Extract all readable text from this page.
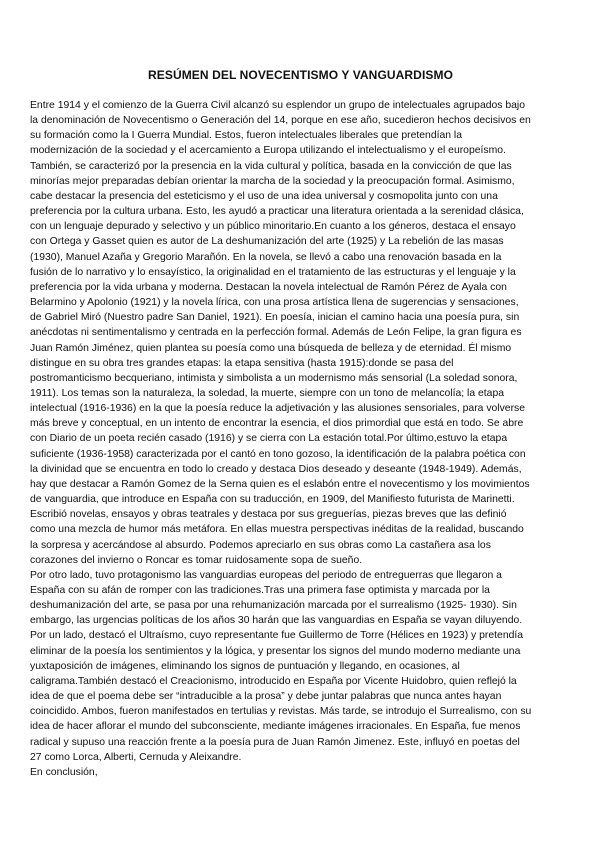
RESÚMEN DEL NOVECENTISMO Y VANGUARDISMO

Entre 1914 y el comienzo de la Guerra Civil alcanzó su esplendor un grupo de intelectuales agrupados bajo

la denominación de Novecentismo o Generación del 14, porque en ese año, sucedieron hechos decisivos en

su formación como la I Guerra Mundial. Estos, fueron intelectuales liberales que pretendían la

modernización de la sociedad y el acercamiento a Europa utilizando el intelectualismo y el europeísmo.

También, se caracterizó por la presencia en la vida cultural y política, basada en la convicción de que las

minorías mejor preparadas debían orientar la marcha de la sociedad y la preocupación formal. Asimismo,

cabe destacar la presencia del esteticismo y el uso de una idea universal y cosmopolita junto con una

preferencia por la cultura urbana. Esto, les ayudó a practicar una literatura orientada a la serenidad clásica,

con un lenguaje depurado y selectivo y un público minoritario.En cuanto a los géneros, destaca el ensayo

con Ortega y Gasset quien es autor de La deshumanización del arte (1925) y La rebelión de las masas

(1930), Manuel Azaña y Gregorio Marañón. En la novela, se llevó a cabo una renovación basada en la

fusión de lo narrativo y lo ensayístico, la originalidad en el tratamiento de las estructuras y el lenguaje y la

preferencia por la vida urbana y moderna. Destacan la novela intelectual de Ramón Pérez de Ayala con

Belarmino y Apolonio (1921) y la novela lírica, con una prosa artística llena de sugerencias y sensaciones,

de Gabriel Miró (Nuestro padre San Daniel, 1921). En poesía, inician el camino hacia una poesía pura, sin

anécdotas ni sentimentalismo y centrada en la perfección formal. Además de León Felipe, la gran figura es

Juan Ramón Jiménez, quien plantea su poesía como una búsqueda de belleza y de eternidad. Él mismo

distingue en su obra tres grandes etapas: la etapa sensitiva (hasta 1915):donde se pasa del

postromanticismo becqueriano, intimista y simbolista a un modernismo más sensorial (La soledad sonora,

1911). Los temas son la naturaleza, la soledad, la muerte, siempre con un tono de melancolía; la etapa

intelectual (1916-1936) en la que la poesía reduce la adjetivación y las alusiones sensoriales, para volverse

más breve y conceptual, en un intento de encontrar la esencia, el dios primordial que está en todo. Se abre

con Diario de un poeta recién casado (1916) y se cierra con La estación total.Por último,estuvo la etapa

suficiente (1936-1958) caracterizada por el cantó en tono gozoso, la identificación de la palabra poética con

la divinidad que se encuentra en todo lo creado y destaca Dios deseado y deseante (1948-1949). Además,

hay que destacar a Ramón Gomez de la Serna quien es el eslabón entre el novecentismo y los movimientos

de vanguardia, que introduce en España con su traducción, en 1909, del Manifiesto futurista de Marinetti.

Escribió novelas, ensayos y obras teatrales y destaca por sus greguerías, piezas breves que las definió

como una mezcla de humor más metáfora. En ellas muestra perspectivas inéditas de la realidad, buscando

la sorpresa y acercándose al absurdo. Podemos apreciarlo en sus obras como La castañera asa los

corazones del invierno o Roncar es tomar ruidosamente sopa de sueño.

Por otro lado, tuvo protagonismo las vanguardias europeas del periodo de entreguerras que llegaron a

España con su afán de romper con las tradiciones.Tras una primera fase optimista y marcada por la

deshumanización del arte, se pasa por una rehumanización marcada por el surrealismo (1925- 1930). Sin

embargo, las urgencias políticas de los años 30 harán que las vanguardias en España se vayan diluyendo.

Por un lado, destacó el Ultraísmo, cuyo representante fue Guillermo de Torre (Hélices en 1923) y pretendía

eliminar de la poesía los sentimientos y la lógica, y presentar los signos del mundo moderno mediante una

yuxtaposición de imágenes, eliminando los signos de puntuación y llegando, en ocasiones, al

caligrama.También destacó el Creacionismo, introducido en España por Vicente Huidobro, quien reflejó la

idea de que el poema debe ser “intraducible a la prosa” y debe juntar palabras que nunca antes hayan

coincidido. Ambos, fueron manifestados en tertulias y revistas. Más tarde, se introdujo el Surrealismo, con su

idea de hacer aflorar el mundo del subconsciente, mediante imágenes irracionales. En España, fue menos

radical y supuso una reacción frente a la poesía pura de Juan Ramón Jimenez. Este, influyó en poetas del

27 como Lorca, Alberti, Cernuda y Aleixandre.

En conclusión,
